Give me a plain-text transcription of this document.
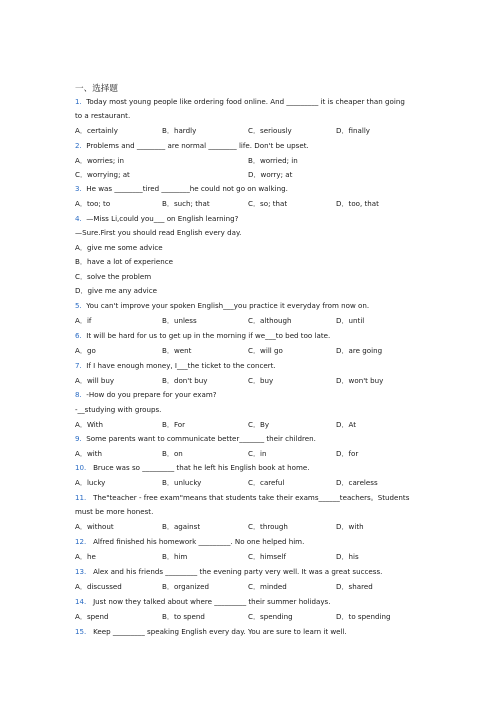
一、选择题
1. Today most young people like ordering food online. And _________ it is cheaper than going
to a restaurant.
A．certainly	B．hardly	C．seriously	D．finally
2. Problems and ________ are normal ________ life. Don't be upset.
A．worries; in	B．worried; in
C．worrying; at	D．worry; at
3. He was ________tired ________he could not go on walking.
A．too; to	B．such; that	C．so; that	D．too, that
4. —Miss Li,could you___ on English learning?
—Sure.First you should read English every day.
A．give me some advice
B．have a lot of experience
C．solve the problem
D．give me any advice
5. You can't improve your spoken English___you practice it everyday from now on.
A．if	B．unless	C．although	D．until
6. It will be hard for us to get up in the morning if we___to bed too late.
A．go	B．went	C．will go	D．are going
7. If I have enough money, I___the ticket to the concert.
A．will buy	B．don't buy	C．buy	D．won't buy
8. -How do you prepare for your exam?
-__studying with groups.
A．With	B．For	C．By	D．At
9. Some parents want to communicate better_______ their children.
A．with	B．on	C．in	D．for
10. Bruce was so _________ that he left his English book at home.
A．lucky	B．unlucky	C．careful	D．careless
11. The"teacher - free exam"means that students take their exams______teachers。Students
must be more honest.
A．without	B．against	C．through	D．with
12. Alfred finished his homework _________. No one helped him.
A．he	B．him	C．himself	D．his
13. Alex and his friends _________ the evening party very well. It was a great success.
A．discussed	B．organized	C．minded	D．shared
14. Just now they talked about where _________ their summer holidays.
A．spend	B．to spend	C．spending	D．to spending
15. Keep _________ speaking English every day. You are sure to learn it well.
